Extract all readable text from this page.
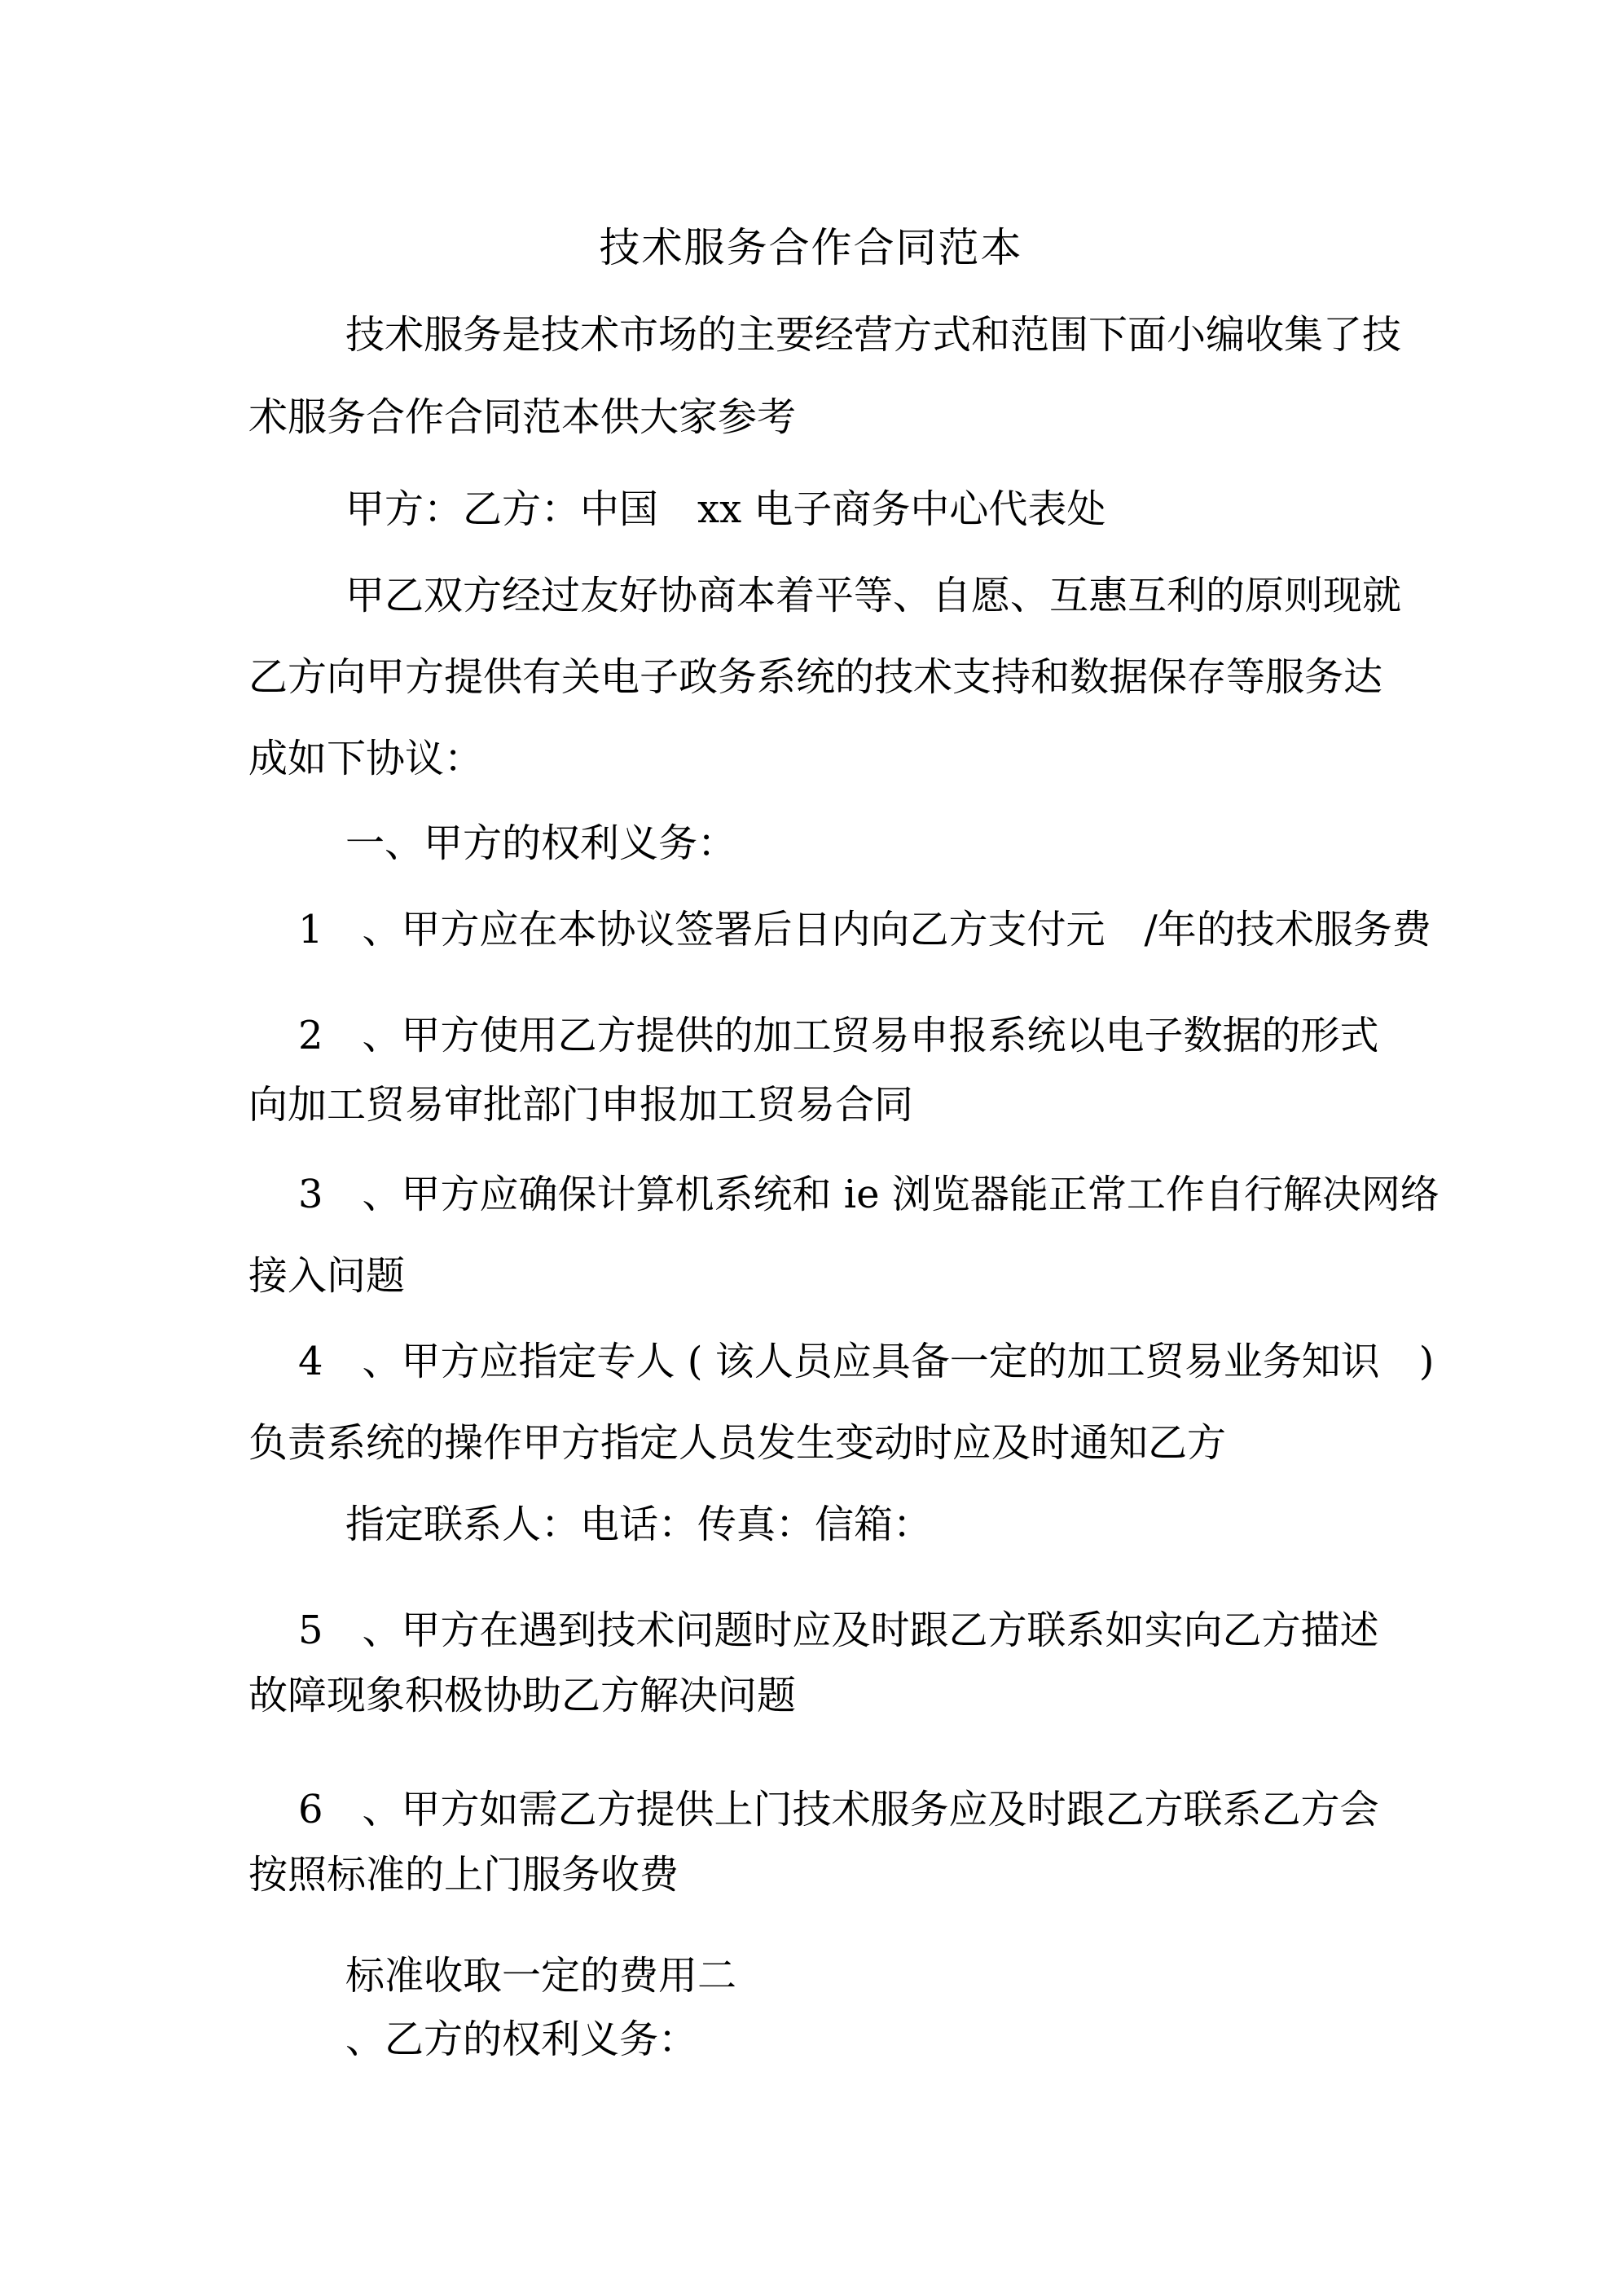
技术服务合作合同范本
技术服务是技术市场的主要经营方式和范围下面小编收集了技
术服务合作合同范本供大家参考
甲方：乙方：中国　xx 电子商务中心代表处
甲乙双方经过友好协商本着平等、自愿、互惠互利的原则现就
乙方向甲方提供有关电子政务系统的技术支持和数据保存等服务达
成如下协议：
一、甲方的权利义务：
1　、甲方应在本协议签署后日内向乙方支付元　/年的技术服务费
2　、甲方使用乙方提供的加工贸易申报系统以电子数据的形式
向加工贸易审批部门申报加工贸易合同
3　、甲方应确保计算机系统和 ie 浏览器能正常工作自行解决网络
接入问题
4　、甲方应指定专人 ( 该人员应具备一定的加工贸易业务知识　)
负责系统的操作甲方指定人员发生变动时应及时通知乙方
指定联系人：电话：传真：信箱：
5　、甲方在遇到技术问题时应及时跟乙方联系如实向乙方描述
故障现象积极协助乙方解决问题
6　、甲方如需乙方提供上门技术服务应及时跟乙方联系乙方会
按照标准的上门服务收费
标准收取一定的费用二
、乙方的权利义务：
